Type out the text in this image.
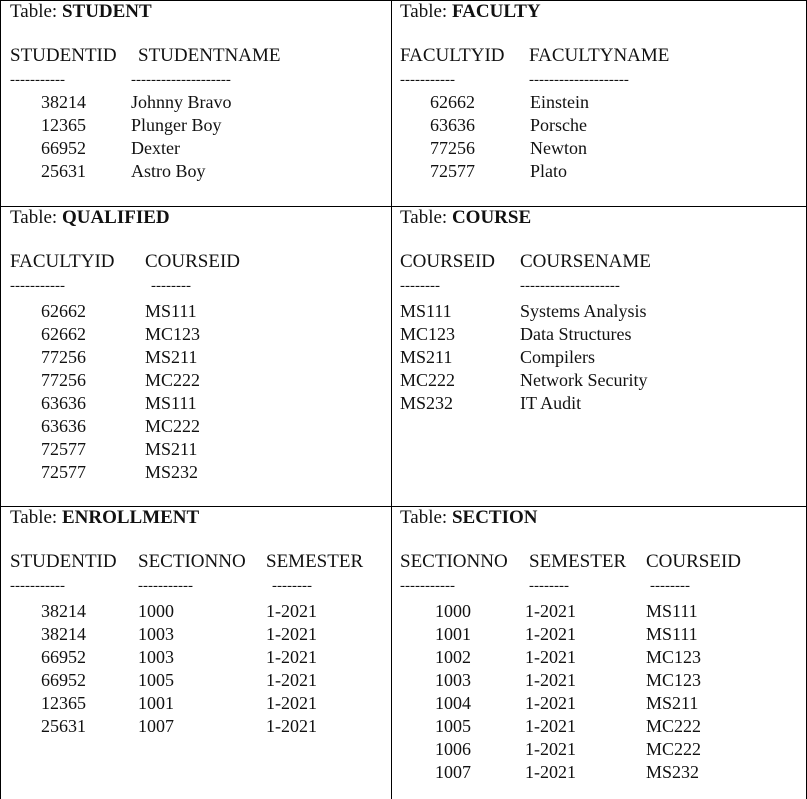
Table: STUDENT
STUDENTID STUDENTNAME
-----------	--------------------
38214	Johnny Bravo
12365	Plunger Boy
66952	Dexter
25631	Astro Boy
Table: FACULTY
FACULTYID FACULTYNAME
-----------	--------------------
62662	Einstein
63636	Porsche
77256	Newton
72577	Plato
Table: QUALIFIED
FACULTYID COURSEID
-----------	--------
62662	MS111
62662	MC123
77256	MS211
77256	MC222
63636	MS111
63636	MC222
72577	MS211
72577	MS232
Table: COURSE
COURSEID COURSENAME
--------	--------------------
MS111	Systems Analysis
MC123	Data Structures
MS211	Compilers
MC222	Network Security
MS232	IT Audit
Table: ENROLLMENT
STUDENTID SECTIONNO SEMESTER
-----------	-----------	--------
38214	1000	1-2021
38214	1003	1-2021
66952	1003	1-2021
66952	1005	1-2021
12365	1001	1-2021
25631	1007	1-2021
Table: SECTION
SECTIONNO SEMESTER COURSEID
-----------	--------	--------
1000	1-2021	MS111
1001	1-2021	MS111
1002	1-2021	MC123
1003	1-2021	MC123
1004	1-2021	MS211
1005	1-2021	MC222
1006	1-2021	MC222
1007	1-2021	MS232
